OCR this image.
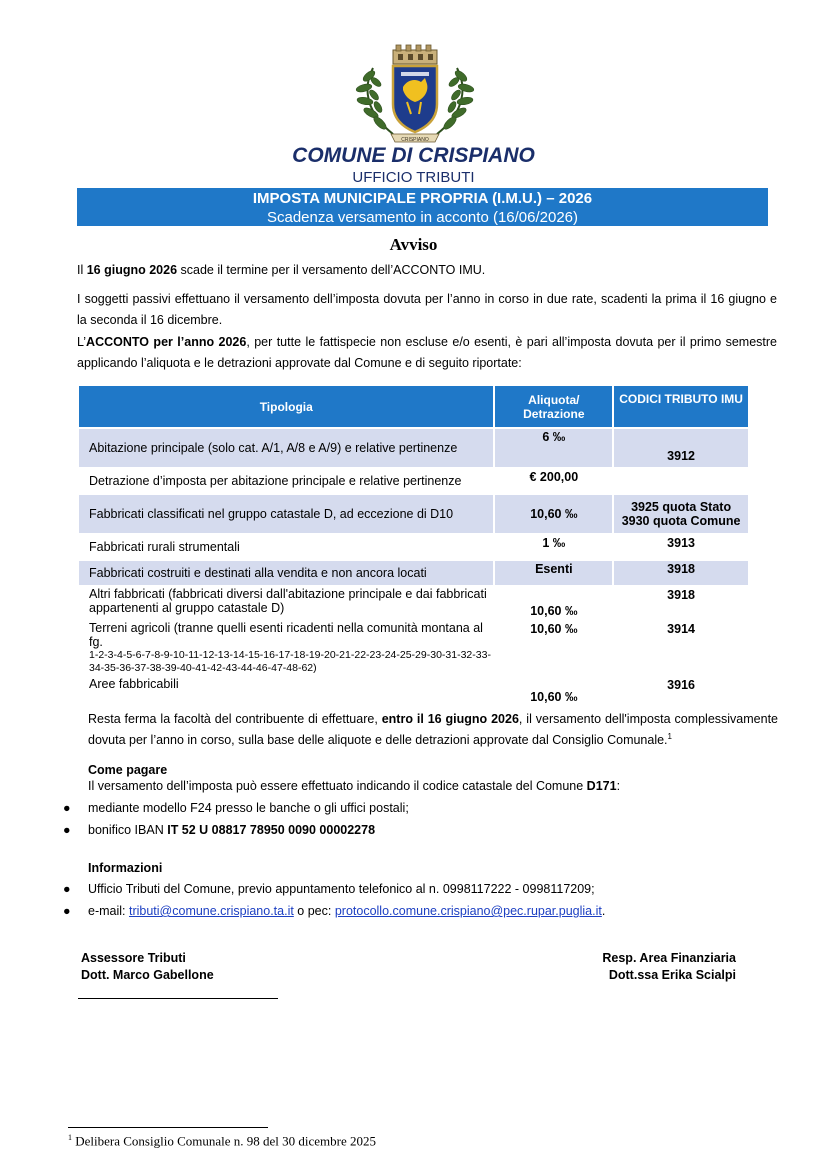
CRISPIANO
COMUNE DI CRISPIANO
UFFICIO TRIBUTI
IMPOSTA MUNICIPALE PROPRIA (I.M.U.) – 2026
Scadenza versamento in acconto (16/06/2026)
Avviso
Il 16 giugno 2026 scade il termine per il versamento dell’ACCONTO IMU.
I soggetti passivi effettuano il versamento dell’imposta dovuta per l’anno in corso in due rate, scadenti la prima il 16 giugno e la seconda il 16 dicembre.
L’ACCONTO per l’anno 2026, per tutte le fattispecie non escluse e/o esenti, è pari all’imposta dovuta per il primo semestre applicando l’aliquota e le detrazioni approvate dal Comune e di seguito riportate:
Tipologia	Aliquota/ Detrazione	CODICI TRIBUTO IMU
Abitazione principale (solo cat. A/1, A/8 e A/9) e relative pertinenze	6 ‰	3912

Detrazione d’imposta per abitazione principale e relative pertinenze	€ 200,00	

Fabbricati classificati nel gruppo catastale D, ad eccezione di D10	10,60 ‰	3925 quota Stato
3930 quota Comune

Fabbricati rurali strumentali	1 ‰	3913

Fabbricati costruiti e destinati alla vendita e non ancora locati	Esenti	3918

Altri fabbricati (fabbricati diversi dall'abitazione principale e dai fabbricati appartenenti al gruppo catastale D)	10,60 ‰	3918

Terreni agricoli (tranne quelli esenti ricadenti nella comunità montana al fg.
1-2-3-4-5-6-7-8-9-10-11-12-13-14-15-16-17-18-19-20-21-22-23-24-25-29-30-31-32-33-34-35-36-37-38-39-40-41-42-43-44-46-47-48-62)	10,60 ‰	3914

Aree fabbricabili	10,60 ‰	3916
Resta ferma la facoltà del contribuente di effettuare, entro il 16 giugno 2026, il versamento dell'imposta complessivamente dovuta per l’anno in corso, sulla base delle aliquote e delle detrazioni approvate dal Consiglio Comunale.$^1$
Come pagare
Il versamento dell’imposta può essere effettuato indicando il codice catastale del Comune D171:
● mediante modello F24 presso le banche o gli uffici postali;
● bonifico IBAN IT 52 U 08817 78950 0090 00002278
Informazioni
● Ufficio Tributi del Comune, previo appuntamento telefonico al n. 0998117222 - 0998117209;
● e-mail: tributi@comune.crispiano.ta.it o pec: protocollo.comune.crispiano@pec.rupar.puglia.it.
Assessore Tributi
Dott. Marco Gabellone
Resp. Area Finanziaria
Dott.ssa Erika Scialpi
$^1$ Delibera Consiglio Comunale n. 98 del 30 dicembre 2025
